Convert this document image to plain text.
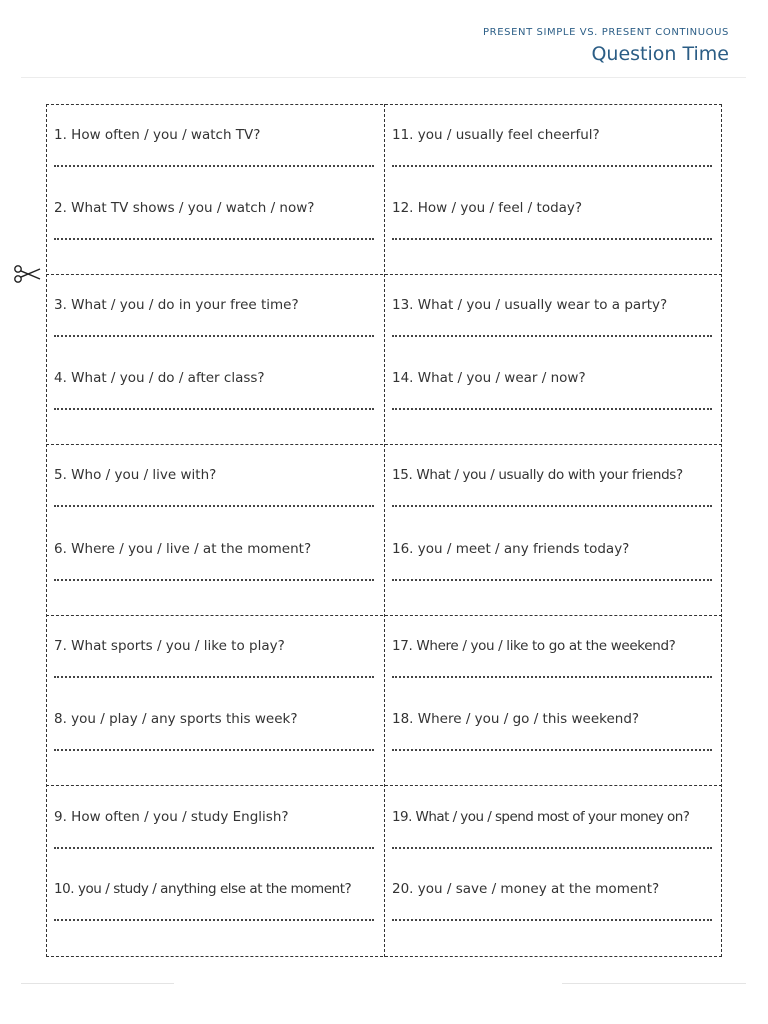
PRESENT SIMPLE VS. PRESENT CONTINUOUS
Question Time
1. How often / you / watch TV?
2. What TV shows / you / watch / now?
3. What / you / do in your free time?
4. What / you / do / after class?
5. Who / you / live with?
6. Where / you / live / at the moment?
7. What sports / you / like to play?
8. you / play / any sports this week?
9. How often / you / study English?
10. you / study / anything else at the moment?
11. you / usually feel cheerful?
12. How / you / feel / today?
13. What / you / usually wear to a party?
14. What / you / wear / now?
15. What / you / usually do with your friends?
16. you / meet / any friends today?
17. Where / you / like to go at the weekend?
18. Where / you / go / this weekend?
19. What / you / spend most of your money on?
20. you / save / money at the moment?
